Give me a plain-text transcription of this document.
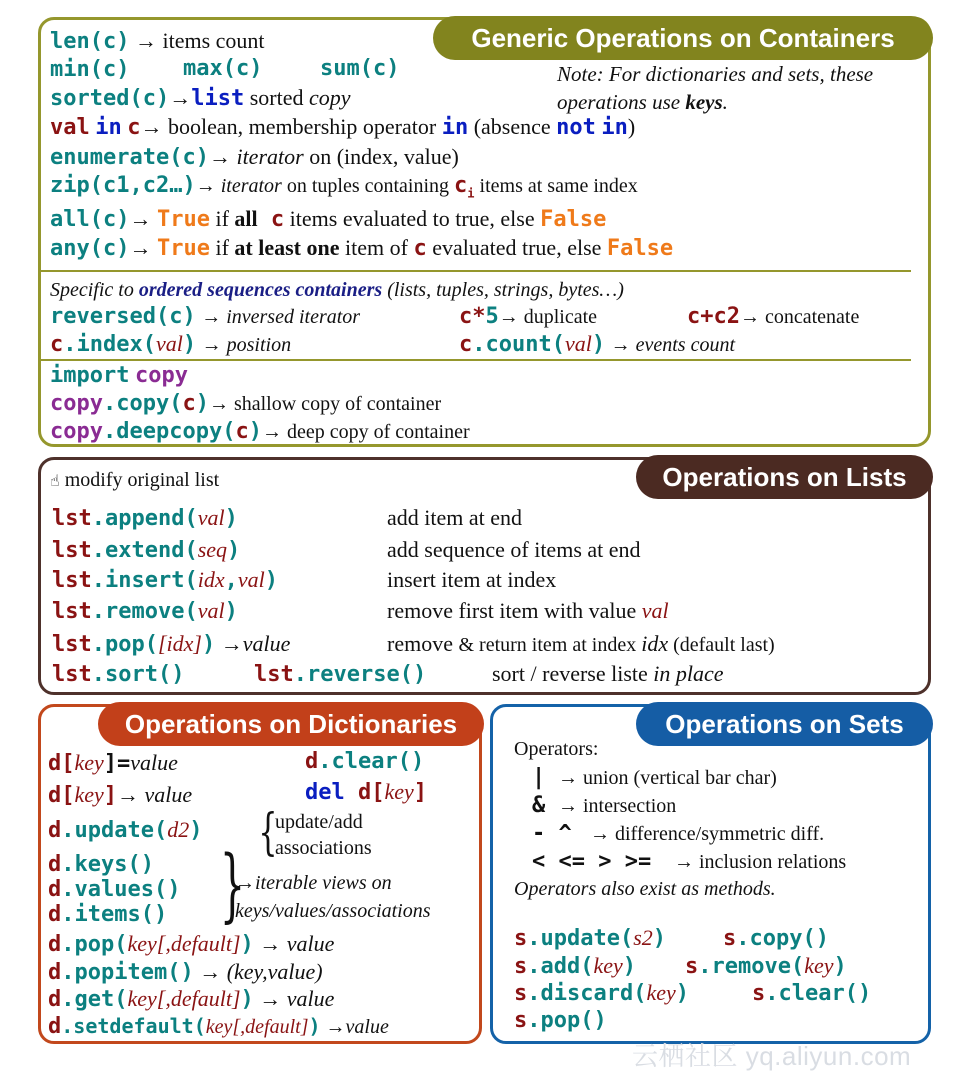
Generic Operations on Containers
Note: For dictionaries and sets, these
operations use keys.
len(c) → items count
min(c) max(c)	sum(c)
sorted(c)→list sorted copy
val in c→ boolean, membership operator in (absence not in)
enumerate(c)→ iterator on (index, value)
zip(c1,c2…)→ iterator on tuples containing $c_i$ items at same index
all(c)→ True if all c items evaluated to true, else False
any(c)→ True if at least one item of c evaluated true, else False
Specific to ordered sequences containers (lists, tuples, strings, bytes…)
reversed(c) → inversed iterator	c*5→ duplicate	c+c2→ concatenate
c.index(val) → position	c.count(val) → events count
import copy
copy.copy(c)→ shallow copy of container
copy.deepcopy(c)→ deep copy of container
Operations on Lists
☝ modify original list
lst.append(val)	add item at end
lst.extend(seq)	add sequence of items at end
lst.insert(idx,val)	insert item at index
lst.remove(val)	remove first item with value val
lst.pop([idx]) →value	remove & return item at index idx (default last)
lst.sort()	lst.reverse()	sort / reverse liste in place
Operations on Dictionaries
d[key]=value	d.clear()
d[key]→ value	del d[key]
d.update(d2) {
update/add
associations
d.keys()
d.values()
d.items() }
→iterable views on
keys/values/associations
d.pop(key[,default]) → value
d.popitem() → (key,value)
d.get(key[,default]) → value
d.setdefault(key[,default]) →value
Operations on Sets
Operators:
| → union (vertical bar char)
& → intersection
- ^ → difference/symmetric diff.
< <= > >= → inclusion relations
Operators also exist as methods.
s.update(s2)	s.copy()
s.add(key) s.remove(key)
s.discard(key)	s.clear()
s.pop()
云栖社区 yq.aliyun.com
